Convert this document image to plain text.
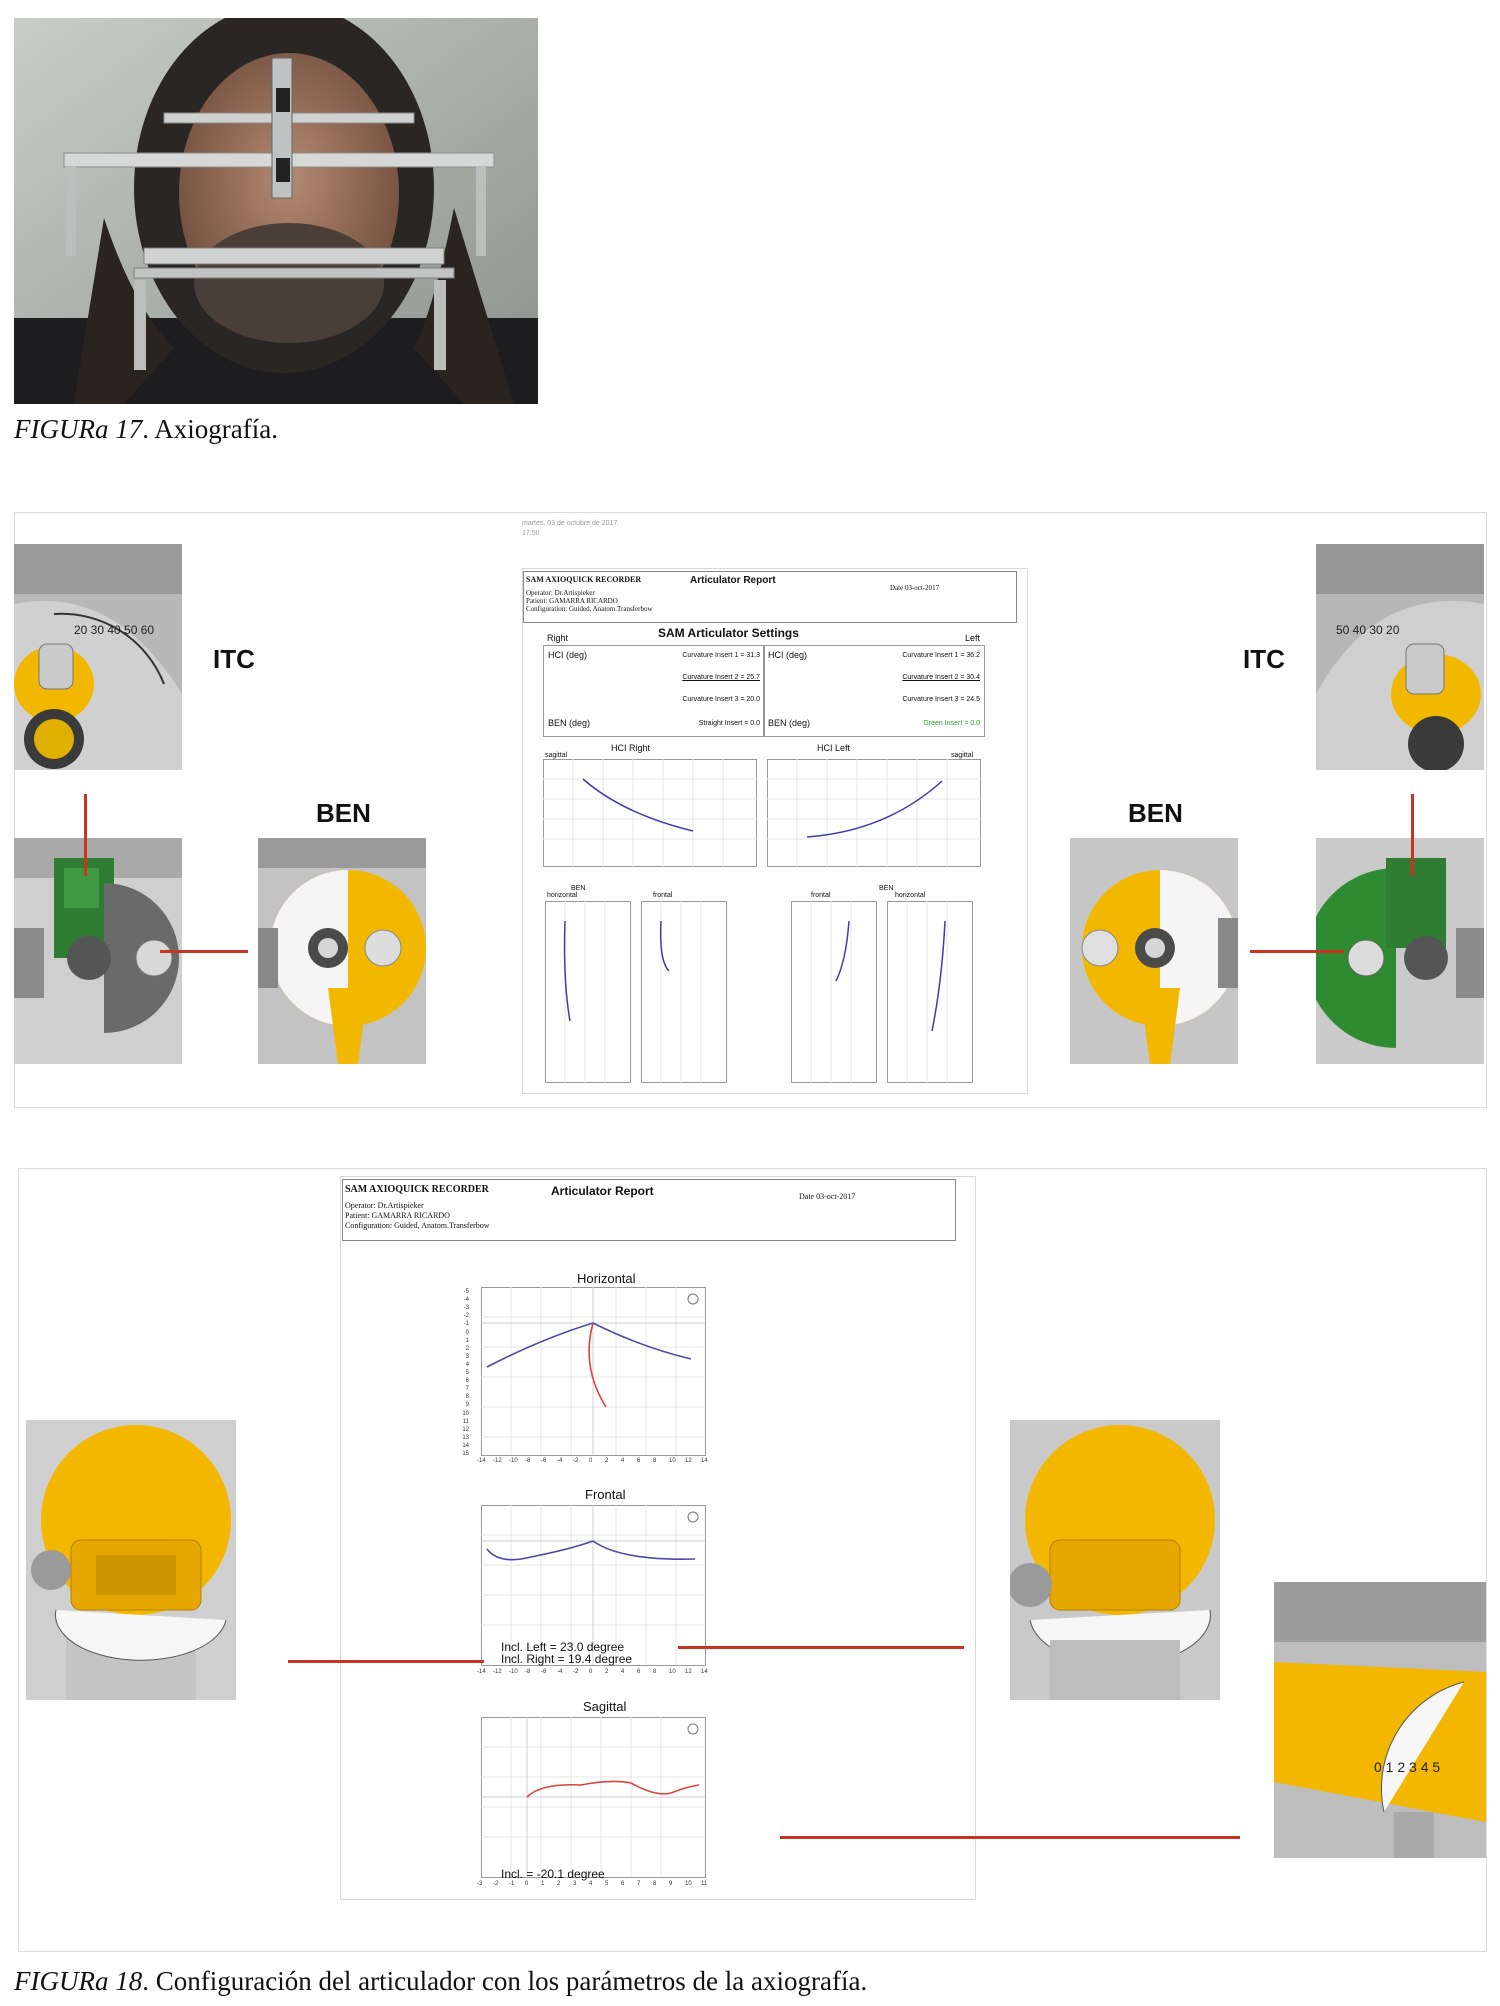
FIGURa 17. Axiografía.
20 30 40 50 60	50 40 30 20
ITC	ITC
BEN	BEN
martes, 03 de octubre de 2017
17:50
SAM AXIOQUICK RECORDER	Articulator Report
Date 03-oct-2017
Operator: Dr.Artispieker
Patient: GAMARRA RICARDO
Configuration: Guided, Anatom.Transferbow
SAM Articulator Settings
Right	Left
HCI (deg)	Curvature Insert 1 = 31.3
Curvature Insert 2 = 25.7
Curvature Insert 3 = 20.0
BEN (deg)	Straight Insert = 0.0
HCI (deg)	Curvature Insert 1 = 36.2
Curvature Insert 2 = 30.4
Curvature Insert 3 = 24.5
BEN (deg)	Green Insert = 0.0
HCI Right	HCI Left
sagittal	sagittal
BEN
horizontal	frontal	frontal
BEN
horizontal
SAM AXIOQUICK RECORDER	Articulator Report	Date 03-oct-2017
Operator: Dr.Artispieker
Patient: GAMARRA RICARDO
Configuration: Guided, Anatom.Transferbow
Horizontal
-14 -12 -10 -8 -6 -4 -2 0 2 4 6 8 10 12 14
-5
-4
-3
-2
-1
0
1
2
3
4
5
6
7
8
9
10
11
12
13
14
15
Frontal
Incl. Left = 23.0 degree
Incl. Right = 19.4 degree
-14 -12 -10 -8 -6 -4 -2 0 2 4 6 8 10 12 14
Sagittal
Incl. = -20.1 degree
-3 -2 -1 0 1 2 3 4 5 6 7 8 9 10 11
0 1 2 3 4 5
FIGURa 18. Configuración del articulador con los parámetros de la axiografía.
